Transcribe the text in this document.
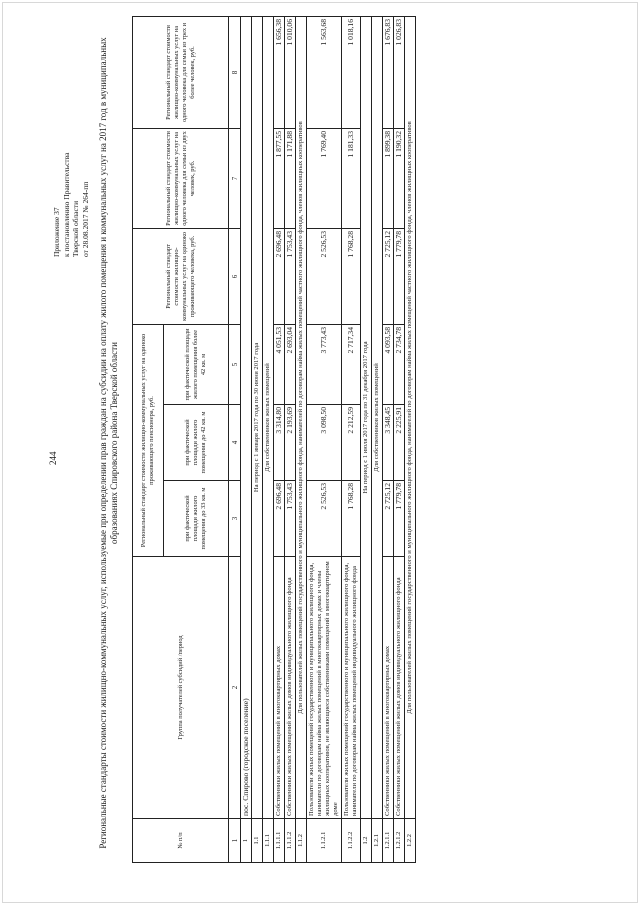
244
Приложение 37 к постановлению Правительства Тверской области от 28.08.2017 № 264-пп Региональные стандарты стоимости жилищно-коммунальных услуг, используемые при определении прав граждан на субсидии на оплату жилого помещения и коммунальных услуг на 2017 год в муниципальных образованиях Спировского района Тверской области
№ п/п	Группа получателей субсидий /период	Региональный стандарт стоимости жилищно-коммунальных услуг на одиноко проживающего пенсионера, руб.			Региональный стандарт стоимости жилищно-коммунальных услуг на одиноко проживающего человека, руб.	Региональный стандарт стоимости жилищно-коммунальных услуг на одного человека для семьи из двух человек, руб.	Региональный стандарт стоимости жилищно-коммунальных услуг на одного человека для семьи из трех и более человек, руб.
		при фактической площади жилого помещения до 33 кв. м	при фактической площади жилого помещения до 42 кв. м	при фактической площади жилого помещения более 42 кв. м			
1	2	3	4	5	6	7	8
1	пос. Спирово (городское поселение)						
1.1	На период с 1 января 2017 года по 30 июня 2017 года						
1.1.1	Для собственников жилых помещений						
1.1.1.1	Собственники жилых помещений в многоквартирных домах	2 696,48	3 314,80	4 051,53	2 696,48	1 877,55	1 656,38
1.1.1.2	Собственники жилых помещений жилых домов индивидуального жилищного фонда	1 753,43	2 193,69	2 693,04	1 753,43	1 171,88	1 010,06
1.1.2	Для пользователей жилых помещений государственного и муниципального жилищного фонда, нанимателей по договорам найма жилых помещений частного жилищного фонда, членов жилищных кооперативов						
1.1.2.1	Пользователи жилых помещений государственного и муниципального жилищного фонда, наниматели по договорам найма жилых помещений в многоквартирных домах и члены жилищных кооперативов, не являющиеся собственниками помещений в многоквартирном доме	2 526,53	3 098,50	3 773,43	2 526,53	1 769,40	1 563,68
1.1.2.2	Пользователи жилых помещений государственного и муниципального жилищного фонда, наниматели по договорам найма жилых помещений индивидуального жилищного фонда	1 768,28	2 212,59	2 717,34	1 768,28	1 181,33	1 018,16
1.2	На период с 1 июля 2017 года по 31 декабря 2017 года						
1.2.1	Для собственников жилых помещений						
1.2.1.1	Собственники жилых помещений в многоквартирных домах	2 725,12	3 348,45	4 093,58	2 725,12	1 899,38	1 676,83
1.2.1.2	Собственники жилых помещений жилых домов индивидуального жилищного фонда	1 779,78	2 225,91	2 734,78	1 779,78	1 190,32	1 026,83
1.2.2	Для пользователей жилых помещений государственного и муниципального жилищного фонда, нанимателей по договорам найма жилых помещений частного жилищного фонда, членов жилищных кооперативов						
